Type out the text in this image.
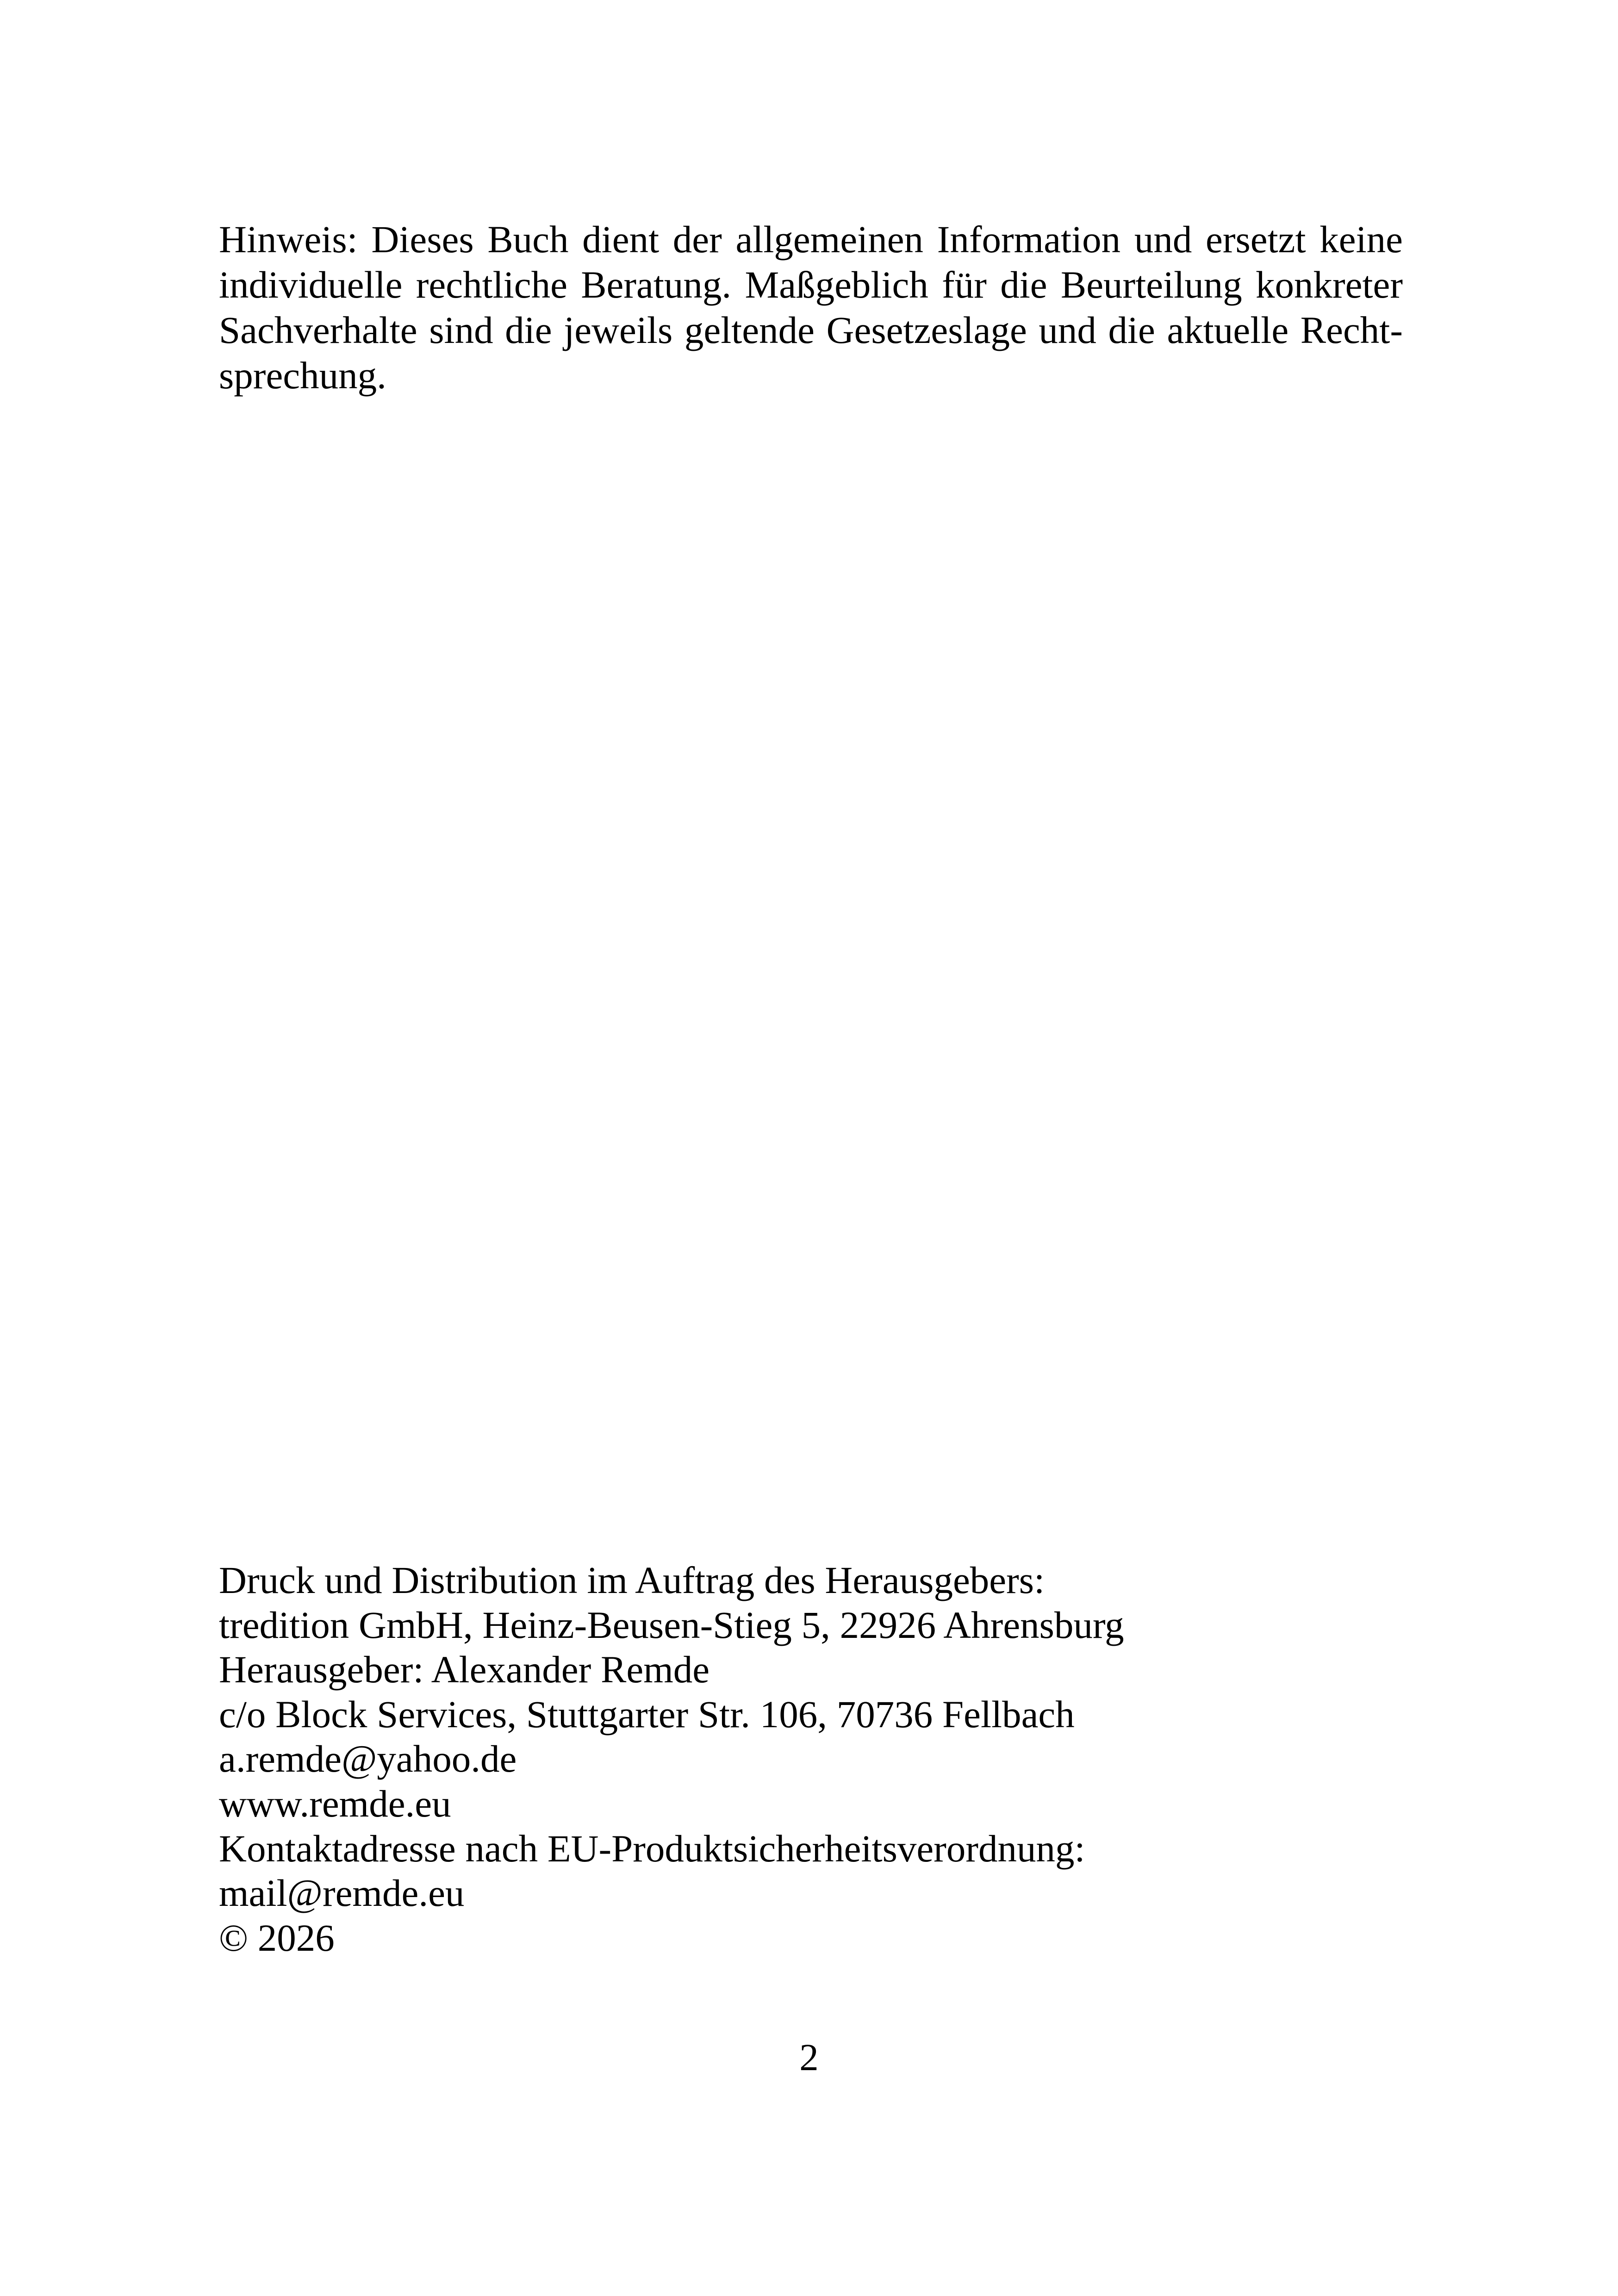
Hinweis: Dieses Buch dient der allgemeinen Information und ersetzt keine
individuelle rechtliche Beratung. Maßgeblich für die Beurteilung konkreter
Sachverhalte sind die jeweils geltende Gesetzeslage und die aktuelle Recht-
sprechung.

Druck und Distribution im Auftrag des Herausgebers:
tredition GmbH, Heinz-Beusen-Stieg 5, 22926 Ahrensburg
Herausgeber: Alexander Remde
c/o Block Services, Stuttgarter Str. 106, 70736 Fellbach
a.remde@yahoo.de
www.remde.eu
Kontaktadresse nach EU-Produktsicherheitsverordnung:
mail@remde.eu
© 2026
2
